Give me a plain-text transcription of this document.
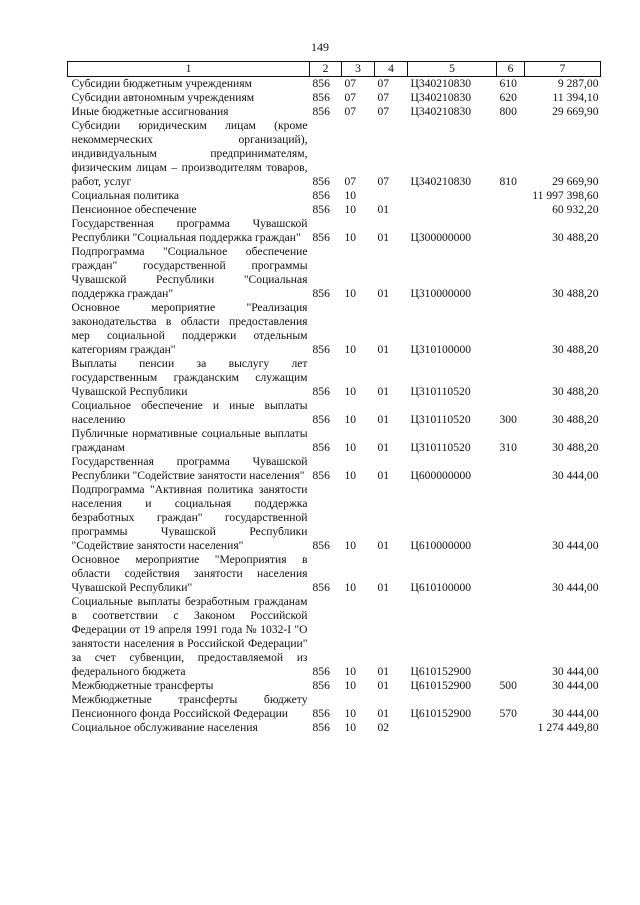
149
1	2	3	4	5	6	7
Субсидии бюджетным учреждениям	856	07	07	Ц340210830	610	9 287,00
Субсидии автономным учреждениям	856	07	07	Ц340210830	620	11 394,10
Иные бюджетные ассигнования	856	07	07	Ц340210830	800	29 669,90
Субсидии юридическим лицам (кроме некоммерческих организаций), индивидуальным предпринимателям, физическим лицам – производителям товаров, работ, услуг	856	07	07	Ц340210830	810	29 669,90
Социальная политика	856	10				11 997 398,60
Пенсионное обеспечение	856	10	01			60 932,20
Государственная программа Чувашской Республики "Социальная поддержка граждан"	856	10	01	Ц300000000		30 488,20
Подпрограмма "Социальное обеспечение граждан" государственной программы Чувашской Республики "Социальная поддержка граждан"	856	10	01	Ц310000000		30 488,20
Основное мероприятие "Реализация законодательства в области предоставления мер социальной поддержки отдельным категориям граждан"	856	10	01	Ц310100000		30 488,20
Выплаты пенсии за выслугу лет государственным гражданским служащим Чувашской Республики	856	10	01	Ц310110520		30 488,20
Социальное обеспечение и иные выплаты населению	856	10	01	Ц310110520	300	30 488,20
Публичные нормативные социальные выплаты гражданам	856	10	01	Ц310110520	310	30 488,20
Государственная программа Чувашской Республики "Содействие занятости населения"	856	10	01	Ц600000000		30 444,00
Подпрограмма "Активная политика занятости населения и социальная поддержка безработных граждан" государственной программы Чувашской Республики "Содействие занятости населения"	856	10	01	Ц610000000		30 444,00
Основное мероприятие "Мероприятия в области содействия занятости населения Чувашской Республики"	856	10	01	Ц610100000		30 444,00
Социальные выплаты безработным гражданам в соответствии с Законом Российской Федерации от 19 апреля 1991 года № 1032-I "О занятости населения в Российской Федерации" за счет субвенции, предоставляемой из федерального бюджета	856	10	01	Ц610152900		30 444,00
Межбюджетные трансферты	856	10	01	Ц610152900	500	30 444,00
Межбюджетные трансферты бюджету Пенсионного фонда Российской Федерации	856	10	01	Ц610152900	570	30 444,00
Социальное обслуживание населения	856	10	02			1 274 449,80
